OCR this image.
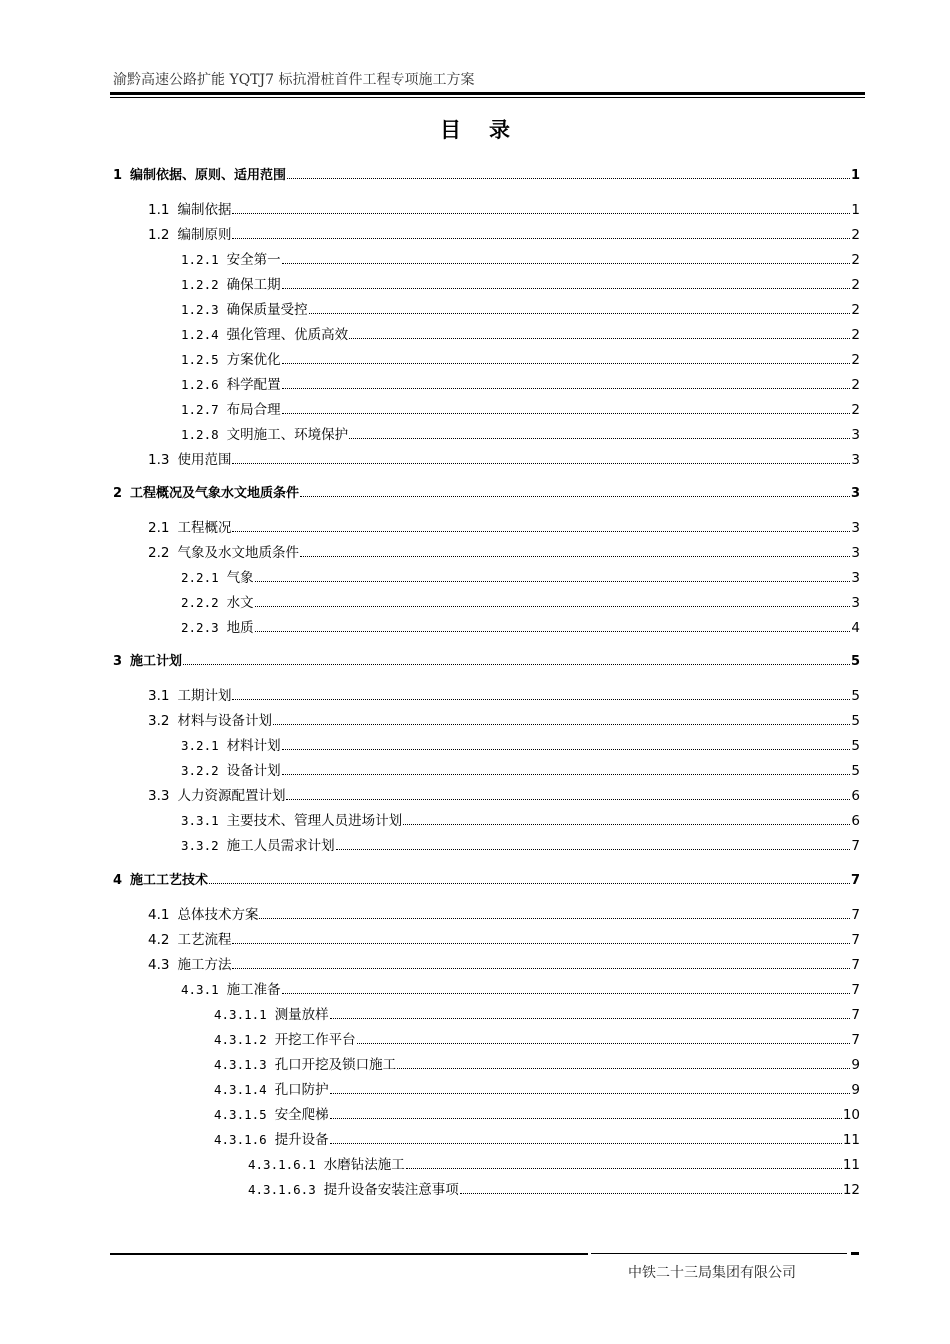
渝黔高速公路扩能 YQTJ7 标抗滑桩首件工程专项施工方案
目录
1 编制依据、原则、适用范围	1
1.1 编制依据	1
1.2 编制原则	2
1.2.1 安全第一	2
1.2.2 确保工期	2
1.2.3 确保质量受控	2
1.2.4 强化管理、优质高效	2
1.2.5 方案优化	2
1.2.6 科学配置	2
1.2.7 布局合理	2
1.2.8 文明施工、环境保护	3
1.3 使用范围	3
2 工程概况及气象水文地质条件	3
2.1 工程概况	3
2.2 气象及水文地质条件	3
2.2.1 气象	3
2.2.2 水文	3
2.2.3 地质	4
3 施工计划	5
3.1 工期计划	5
3.2 材料与设备计划	5
3.2.1 材料计划	5
3.2.2 设备计划	5
3.3 人力资源配置计划	6
3.3.1 主要技术、管理人员进场计划	6
3.3.2 施工人员需求计划	7
4 施工工艺技术	7
4.1 总体技术方案	7
4.2 工艺流程	7
4.3 施工方法	7
4.3.1 施工准备	7
4.3.1.1 测量放样	7
4.3.1.2 开挖工作平台	7
4.3.1.3 孔口开挖及锁口施工	9
4.3.1.4 孔口防护	9
4.3.1.5 安全爬梯	10
4.3.1.6 提升设备	11
4.3.1.6.1 水磨钻法施工	11
4.3.1.6.3 提升设备安装注意事项	12
中铁二十三局集团有限公司
